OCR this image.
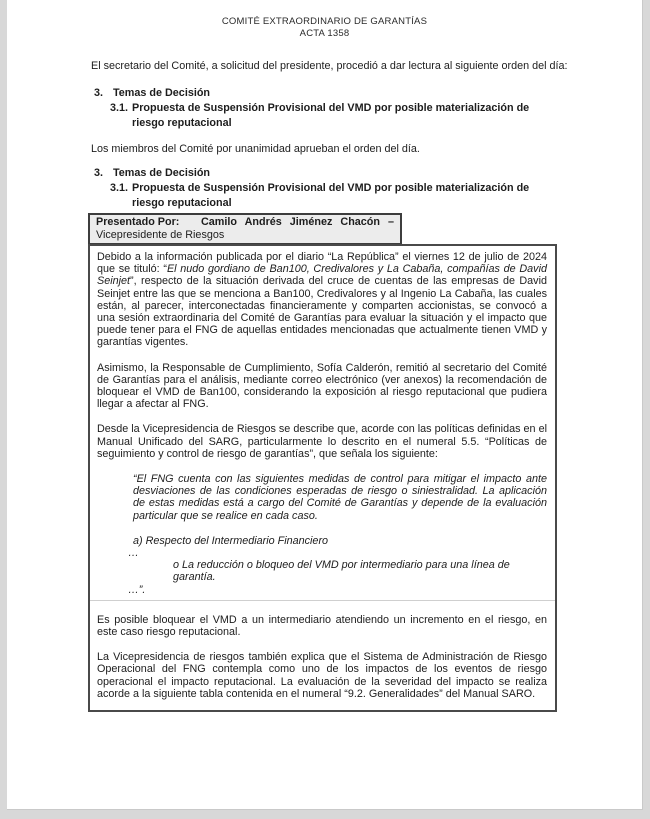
COMITÉ EXTRAORDINARIO DE GARANTÍAS
ACTA 1358

El secretario del Comité, a solicitud del presidente, procedió a dar lectura al siguiente orden del día:

3. Temas de Decisión
3.1. Propuesta de Suspensión Provisional del VMD por posible materialización de riesgo reputacional

Los miembros del Comité por unanimidad aprueban el orden del día.

3. Temas de Decisión
3.1. Propuesta de Suspensión Provisional del VMD por posible materialización de riesgo reputacional
Presentado Por: Camilo Andrés Jiménez Chacón –
Vicepresidente de Riesgos

Debido a la información publicada por el diario “La República” el viernes 12 de julio de 2024 que se tituló: “El nudo gordiano de Ban100, Credivalores y La Cabaña, compañías de David Seinjet”, respecto de la situación derivada del cruce de cuentas de las empresas de David Seinjet entre las que se menciona a Ban100, Credivalores y al Ingenio La Cabaña, las cuales están, al parecer, interconectadas financieramente y comparten accionistas, se convocó a una sesión extraordinaria del Comité de Garantías para evaluar la situación y el impacto que puede tener para el FNG de aquellas entidades mencionadas que actualmente tienen VMD y garantías vigentes.

Asimismo, la Responsable de Cumplimiento, Sofía Calderón, remitió al secretario del Comité de Garantías para el análisis, mediante correo electrónico (ver anexos) la recomendación de bloquear el VMD de Ban100, considerando la exposición al riesgo reputacional que pudiera llegar a afectar al FNG.

Desde la Vicepresidencia de Riesgos se describe que, acorde con las políticas definidas en el Manual Unificado del SARG, particularmente lo descrito en el numeral 5.5. “Políticas de seguimiento y control de riesgo de garantías”, que señala los siguiente:

“El FNG cuenta con las siguientes medidas de control para mitigar el impacto ante desviaciones de las condiciones esperadas de riesgo o siniestralidad. La aplicación de estas medidas está a cargo del Comité de Garantías y depende de la evaluación particular que se realice en cada caso.

a) Respecto del Intermediario Financiero

…

o La reducción o bloqueo del VMD por intermediario para una línea de garantía.

…”.

Es posible bloquear el VMD a un intermediario atendiendo un incremento en el riesgo, en este caso riesgo reputacional.

La Vicepresidencia de riesgos también explica que el Sistema de Administración de Riesgo Operacional del FNG contempla como uno de los impactos de los eventos de riesgo operacional el impacto reputacional. La evaluación de la severidad del impacto se realiza acorde a la siguiente tabla contenida en el numeral “9.2. Generalidades” del Manual SARO.
